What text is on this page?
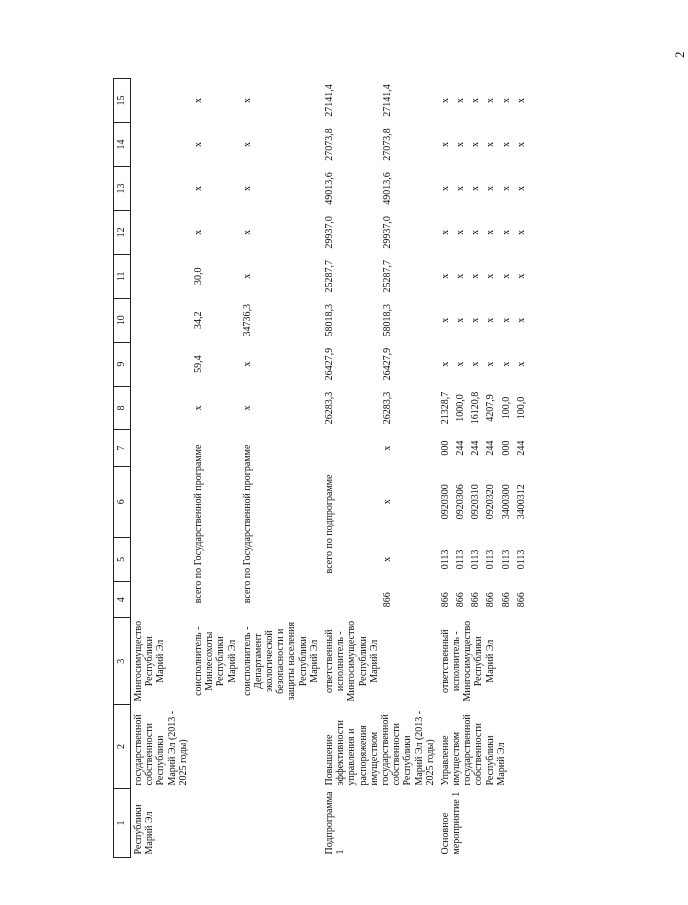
2
1	2	3	4	5	6	7	8	9	10	11	12	13	14	15
Республики Марий Эл	государственной собственности Республики Марий Эл (2013 - 2025 годы)	Мингосимущество Республики Марий Эл												
		соисполнитель - Минлесохоты Республики Марий Эл	всего по Государственной программе				х	59,4	34,2	30,0	х	х	х	х
		соисполнитель - Департамент экологической безопасности и защиты населения Республики Марий Эл	всего по Государственной программе				х	х	34736,3	х	х	х	х	х
Подпрограмма 1	Повышение эффективности управления и распоряжения имуществом государственной собственности Республики Марий Эл (2013 - 2025 годы)	ответственный исполнитель - Мингосимущество Республики Марий Эл	всего по подпрограмме				26283,3	26427,9	58018,3	25287,7	29937,0	49013,6	27073,8	27141,4
			866	х	х	х	26283,3	26427,9	58018,3	25287,7	29937,0	49013,6	27073,8	27141,4
Основное мероприятие 1	Управление имуществом государственной собственности Республики Марий Эл	ответственный исполнитель - Мингосимущество Республики Марий Эл	866	0113	0920300	000	21328,7	х	х	х	х	х	х	х
			866	0113	0920306	244	1000,0	х	х	х	х	х	х	х
			866	0113	0920310	244	16120,8	х	х	х	х	х	х	х
			866	0113	0920320	244	4207,9	х	х	х	х	х	х	х
			866	0113	3400300	000	100,0	х	х	х	х	х	х	х
			866	0113	3400312	244	100,0	х	х	х	х	х	х	х
